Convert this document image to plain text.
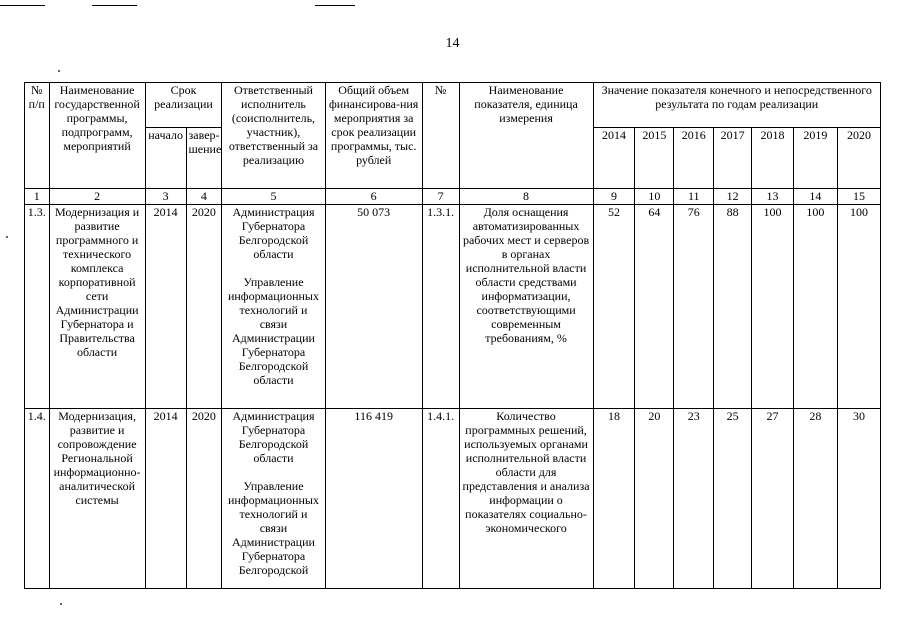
14
№ п/п	Наименование государственной программы, подпрограмм, мероприятий	Срок реализации		Ответственный исполнитель (соисполнитель, участник), ответственный за реализацию	Общий объем финансирова-ния мероприятия за срок реализации программы, тыс. рублей	№	Наименование показателя, единица измерения	Значение показателя конечного и непосредственного результата по годам реализации						
		начало	завер-шение					2014	2015	2016	2017	2018	2019	2020
1	2	3	4	5	6	7	8	9	10	11	12	13	14	15
1.3.	Модернизация и развитие программного и технического комплекса корпоративной сети Администрации Губернатора и Правительства области	2014	2020	Администрация Губернатора Белгородской области
Управление информационных технологий и связи Администрации Губернатора Белгородской области	50 073	1.3.1.	Доля оснащения автоматизированных рабочих мест и серверов в органах исполнительной власти области средствами информатизации, соответствующими современным требованиям, %	52	64	76	88	100	100	100
1.4.	Модернизация, развитие и сопровождение Региональной информационно-аналитической системы	2014	2020	Администрация Губернатора Белгородской области
Управление информационных технологий и связи Администрации Губернатора Белгородской	116 419	1.4.1.	Количество программных решений, используемых органами исполнительной власти области для представления и анализа информации о показателях социально-экономического	18	20	23	25	27	28	30
